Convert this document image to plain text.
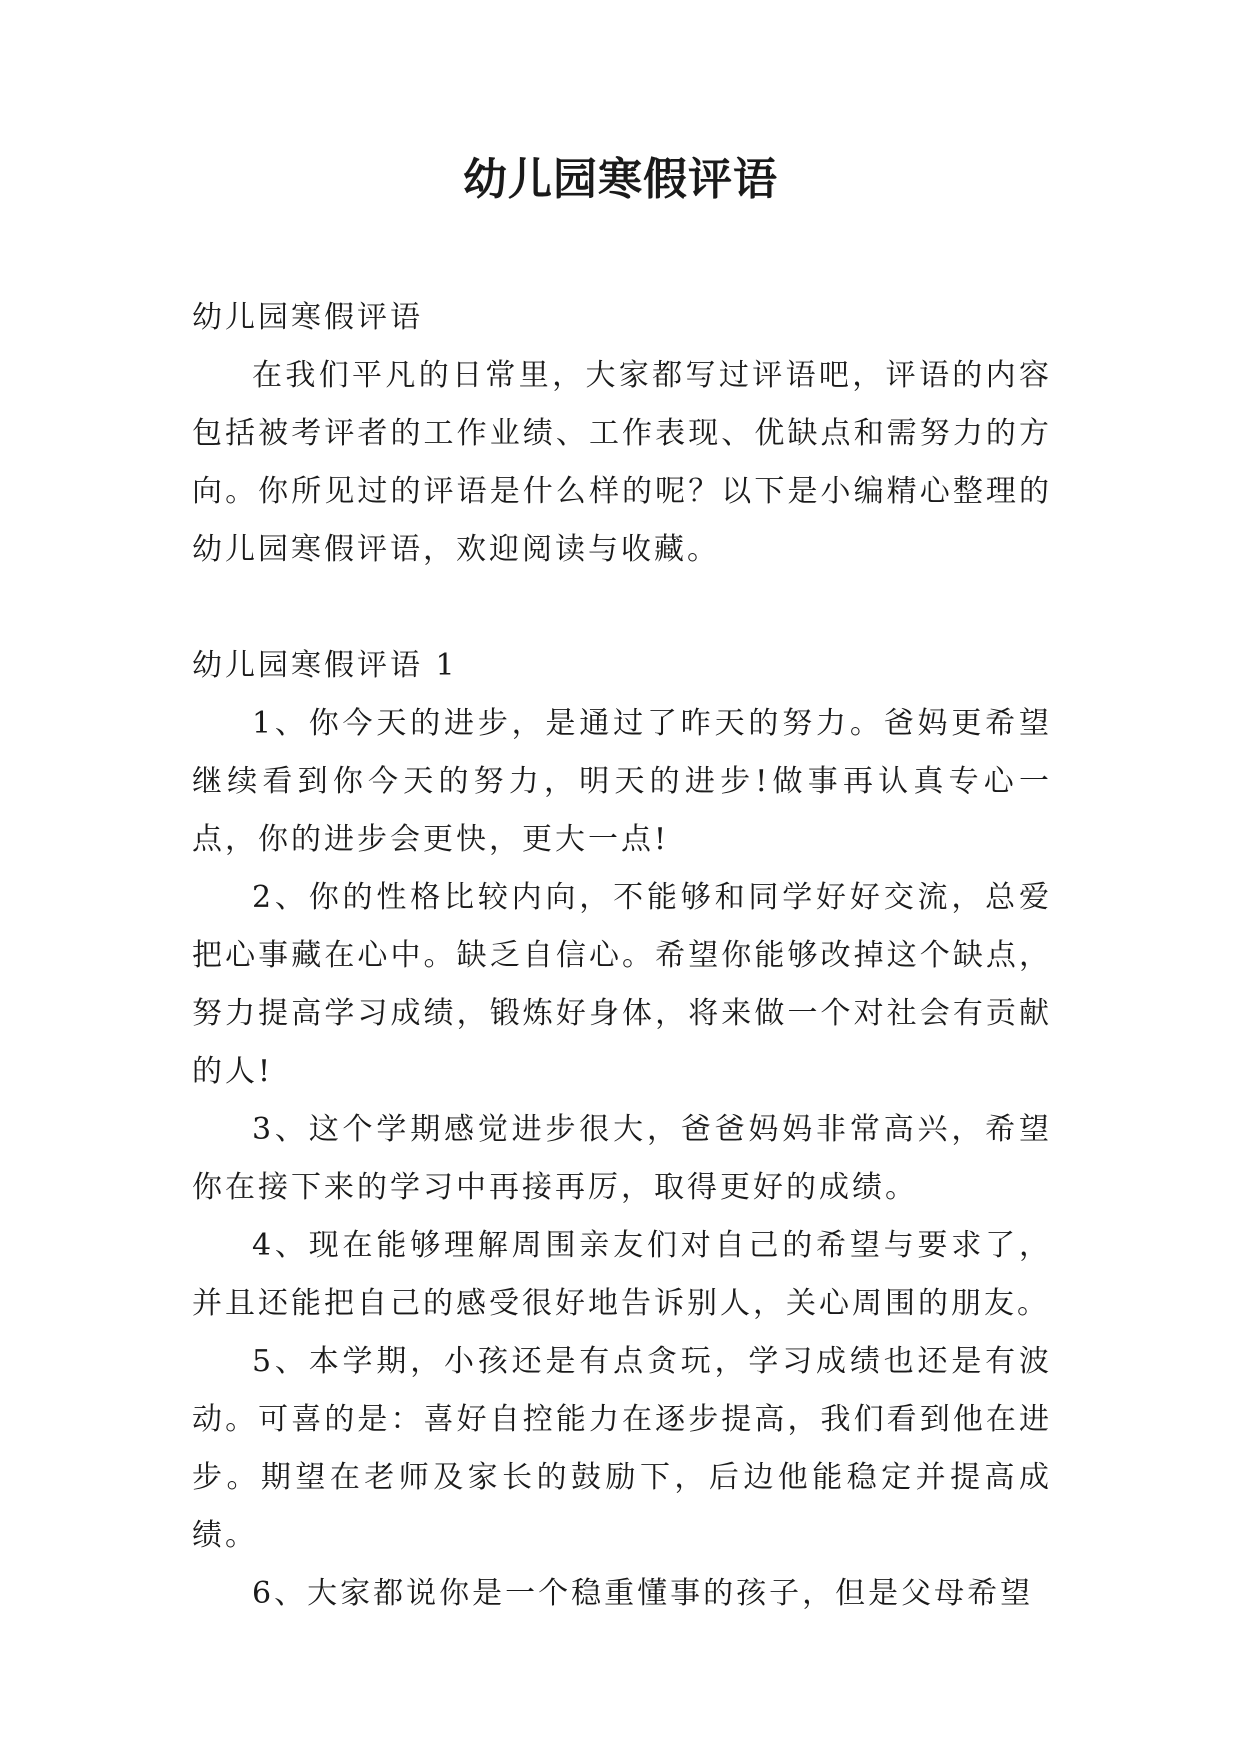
幼儿园寒假评语

幼儿园寒假评语

在我们平凡的日常里，大家都写过评语吧，评语的内容包括被考评者的工作业绩、工作表现、优缺点和需努力的方向。你所见过的评语是什么样的呢？以下是小编精心整理的幼儿园寒假评语，欢迎阅读与收藏。

幼儿园寒假评语 1

1、你今天的进步，是通过了昨天的努力。爸妈更希望继续看到你今天的努力，明天的进步!做事再认真专心一点，你的进步会更快，更大一点!

2、你的性格比较内向，不能够和同学好好交流，总爱把心事藏在心中。缺乏自信心。希望你能够改掉这个缺点，努力提高学习成绩，锻炼好身体，将来做一个对社会有贡献的人!

3、这个学期感觉进步很大，爸爸妈妈非常高兴，希望你在接下来的学习中再接再厉，取得更好的成绩。

4、现在能够理解周围亲友们对自己的希望与要求了，并且还能把自己的感受很好地告诉别人，关心周围的朋友。

5、本学期，小孩还是有点贪玩，学习成绩也还是有波动。可喜的是：喜好自控能力在逐步提高，我们看到他在进步。期望在老师及家长的鼓励下，后边他能稳定并提高成绩。

6、大家都说你是一个稳重懂事的孩子，但是父母希望
